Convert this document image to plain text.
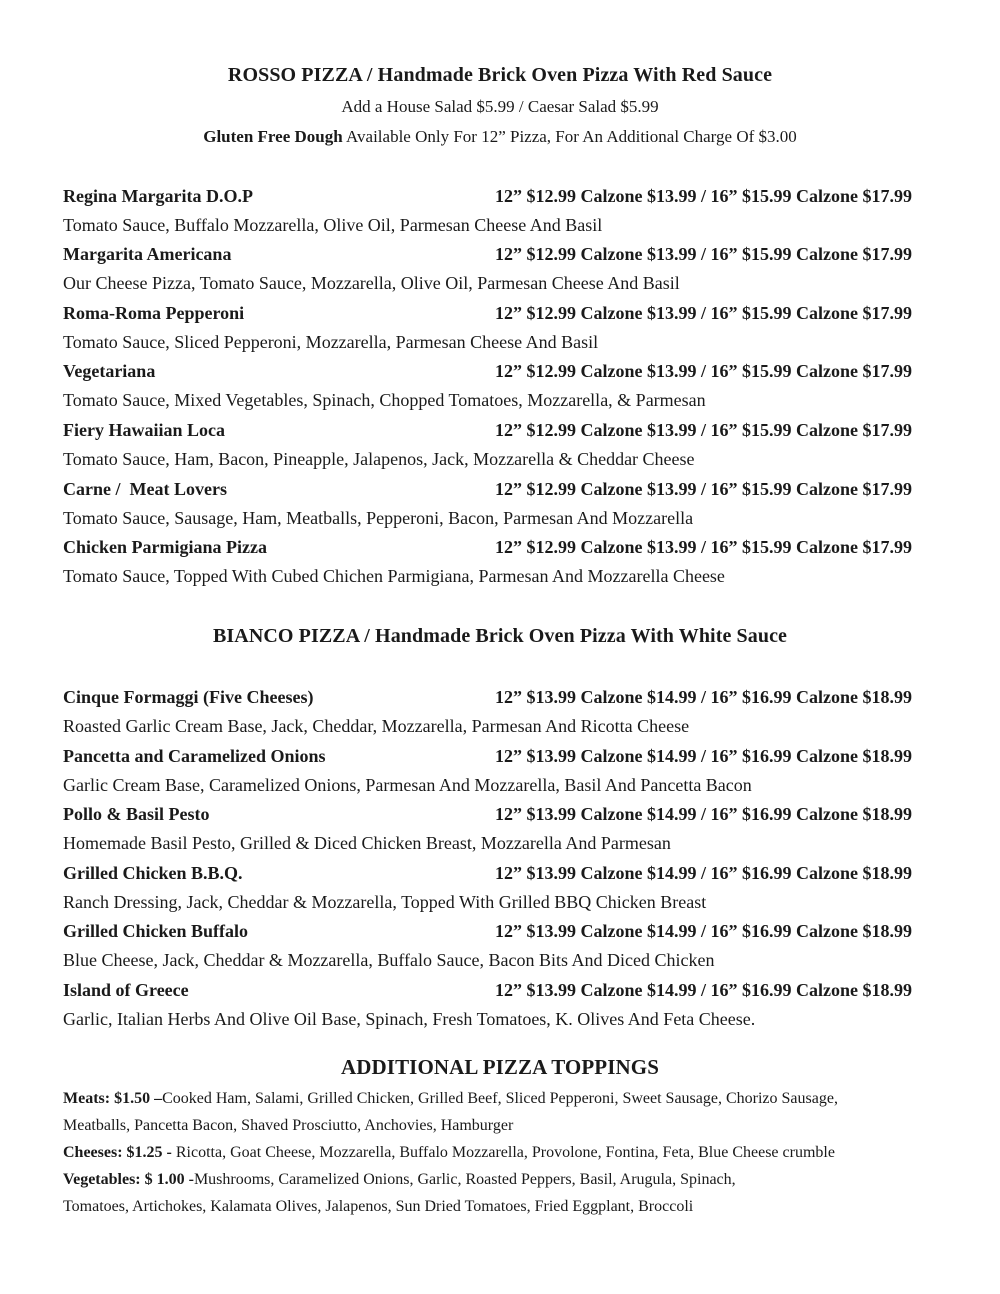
ROSSO PIZZA / Handmade Brick Oven Pizza With Red Sauce
Add a House Salad $5.99 / Caesar Salad $5.99
Gluten Free Dough Available Only For 12” Pizza, For An Additional Charge Of $3.00
Regina Margarita D.O.P	12” $12.99 Calzone $13.99 / 16” $15.99 Calzone $17.99
Tomato Sauce, Buffalo Mozzarella, Olive Oil, Parmesan Cheese And Basil
Margarita Americana	12” $12.99 Calzone $13.99 / 16” $15.99 Calzone $17.99
Our Cheese Pizza, Tomato Sauce, Mozzarella, Olive Oil, Parmesan Cheese And Basil
Roma-Roma Pepperoni	12” $12.99 Calzone $13.99 / 16” $15.99 Calzone $17.99
Tomato Sauce, Sliced Pepperoni, Mozzarella, Parmesan Cheese And Basil
Vegetariana	12” $12.99 Calzone $13.99 / 16” $15.99 Calzone $17.99
Tomato Sauce, Mixed Vegetables, Spinach, Chopped Tomatoes, Mozzarella, & Parmesan
Fiery Hawaiian Loca	12” $12.99 Calzone $13.99 / 16” $15.99 Calzone $17.99
Tomato Sauce, Ham, Bacon, Pineapple, Jalapenos, Jack, Mozzarella & Cheddar Cheese
Carne /  Meat Lovers	12” $12.99 Calzone $13.99 / 16” $15.99 Calzone $17.99
Tomato Sauce, Sausage, Ham, Meatballs, Pepperoni, Bacon, Parmesan And Mozzarella
Chicken Parmigiana Pizza	12” $12.99 Calzone $13.99 / 16” $15.99 Calzone $17.99
Tomato Sauce, Topped With Cubed Chichen Parmigiana, Parmesan And Mozzarella Cheese
BIANCO PIZZA / Handmade Brick Oven Pizza With White Sauce
Cinque Formaggi (Five Cheeses)	12” $13.99 Calzone $14.99 / 16” $16.99 Calzone $18.99
Roasted Garlic Cream Base, Jack, Cheddar, Mozzarella, Parmesan And Ricotta Cheese
Pancetta and Caramelized Onions	12” $13.99 Calzone $14.99 / 16” $16.99 Calzone $18.99
Garlic Cream Base, Caramelized Onions, Parmesan And Mozzarella, Basil And Pancetta Bacon
Pollo & Basil Pesto	12” $13.99 Calzone $14.99 / 16” $16.99 Calzone $18.99
Homemade Basil Pesto, Grilled & Diced Chicken Breast, Mozzarella And Parmesan
Grilled Chicken B.B.Q.	12” $13.99 Calzone $14.99 / 16” $16.99 Calzone $18.99
Ranch Dressing, Jack, Cheddar & Mozzarella, Topped With Grilled BBQ Chicken Breast
Grilled Chicken Buffalo	12” $13.99 Calzone $14.99 / 16” $16.99 Calzone $18.99
Blue Cheese, Jack, Cheddar & Mozzarella, Buffalo Sauce, Bacon Bits And Diced Chicken
Island of Greece	12” $13.99 Calzone $14.99 / 16” $16.99 Calzone $18.99
Garlic, Italian Herbs And Olive Oil Base, Spinach, Fresh Tomatoes, K. Olives And Feta Cheese.
ADDITIONAL PIZZA TOPPINGS
Meats: $1.50 –Cooked Ham, Salami, Grilled Chicken, Grilled Beef, Sliced Pepperoni, Sweet Sausage, Chorizo Sausage,
Meatballs, Pancetta Bacon, Shaved Prosciutto, Anchovies, Hamburger
Cheeses: $1.25 - Ricotta, Goat Cheese, Mozzarella, Buffalo Mozzarella, Provolone, Fontina, Feta, Blue Cheese crumble
Vegetables: $ 1.00 -Mushrooms, Caramelized Onions, Garlic, Roasted Peppers, Basil, Arugula, Spinach,
Tomatoes, Artichokes, Kalamata Olives, Jalapenos, Sun Dried Tomatoes, Fried Eggplant, Broccoli
